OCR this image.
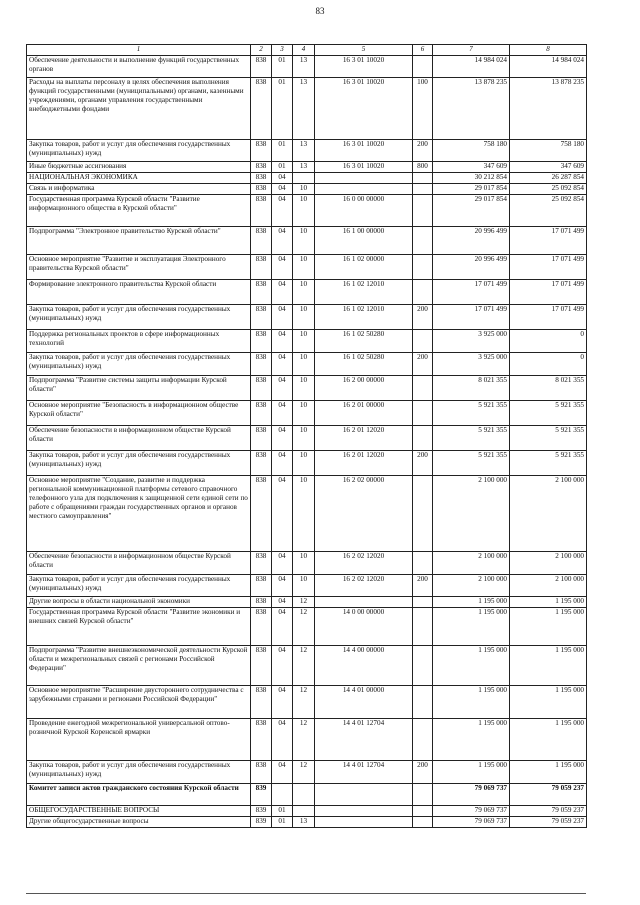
83
1	2	3	4	5	6	7	8
Обеспечение деятельности и выполнение функций государственных органов	838	01	13	16 3 01 10020		14 984 024	14 984 024
Расходы на выплаты персоналу в целях обеспечения выполнения функций государственными (муниципальными) органами, казенными учреждениями, органами управления государственными внебюджетными фондами	838	01	13	16 3 01 10020	100	13 878 235	13 878 235
Закупка товаров, работ и услуг для обеспечения государственных (муниципальных) нужд	838	01	13	16 3 01 10020	200	758 180	758 180
Иные бюджетные ассигнования	838	01	13	16 3 01 10020	800	347 609	347 609
НАЦИОНАЛЬНАЯ ЭКОНОМИКА	838	04				30 212 854	26 287 854
Связь и информатика	838	04	10			29 017 854	25 092 854
Государственная программа Курской области "Развитие информационного общества в Курской области"	838	04	10	16 0 00 00000		29 017 854	25 092 854
Подпрограмма "Электронное правительство Курской области"	838	04	10	16 1 00 00000		20 996 499	17 071 499
Основное мероприятие "Развитие и эксплуатация Электронного правительства Курской области"	838	04	10	16 1 02 00000		20 996 499	17 071 499
Формирование электронного правительства Курской области	838	04	10	16 1 02 12010		17 071 499	17 071 499
Закупка товаров, работ и услуг для обеспечения государственных (муниципальных) нужд	838	04	10	16 1 02 12010	200	17 071 499	17 071 499
Поддержка региональных проектов в сфере информационных технологий	838	04	10	16 1 02 50280		3 925 000	0
Закупка товаров, работ и услуг для обеспечения государственных (муниципальных) нужд	838	04	10	16 1 02 50280	200	3 925 000	0
Подпрограмма "Развитие системы защиты информации Курской области"	838	04	10	16 2 00 00000		8 021 355	8 021 355
Основное мероприятие "Безопасность в информационном обществе Курской области"	838	04	10	16 2 01 00000		5 921 355	5 921 355
Обеспечение безопасности в информационном обществе Курской области	838	04	10	16 2 01 12020		5 921 355	5 921 355
Закупка товаров, работ и услуг для обеспечения государственных (муниципальных) нужд	838	04	10	16 2 01 12020	200	5 921 355	5 921 355
Основное мероприятие "Создание, развитие и поддержка региональной коммуникационной платформы сетевого справочного телефонного узла для подключения к защищенной сети единой сети по работе с обращениями граждан государственных органов и органов местного самоуправления"	838	04	10	16 2 02 00000		2 100 000	2 100 000
Обеспечение безопасности в информационном обществе Курской области	838	04	10	16 2 02 12020		2 100 000	2 100 000
Закупка товаров, работ и услуг для обеспечения государственных (муниципальных) нужд	838	04	10	16 2 02 12020	200	2 100 000	2 100 000
Другие вопросы в области национальной экономики	838	04	12			1 195 000	1 195 000
Государственная программа Курской области "Развитие экономики и внешних связей Курской области"	838	04	12	14 0 00 00000		1 195 000	1 195 000
Подпрограмма "Развитие внешнеэкономической деятельности Курской области и межрегиональных связей с регионами Российской Федерации"	838	04	12	14 4 00 00000		1 195 000	1 195 000
Основное мероприятие "Расширение двустороннего сотрудничества с зарубежными странами и регионами Российской Федерации"	838	04	12	14 4 01 00000		1 195 000	1 195 000
Проведение ежегодной межрегиональной универсальной оптово-розничной Курской Коренской ярмарки	838	04	12	14 4 01 12704		1 195 000	1 195 000
Закупка товаров, работ и услуг для обеспечения государственных (муниципальных) нужд	838	04	12	14 4 01 12704	200	1 195 000	1 195 000
Комитет записи актов гражданского состояния Курской области	839					79 069 737	79 059 237
ОБЩЕГОСУДАРСТВЕННЫЕ ВОПРОСЫ	839	01				79 069 737	79 059 237
Другие общегосударственные вопросы	839	01	13			79 069 737	79 059 237
